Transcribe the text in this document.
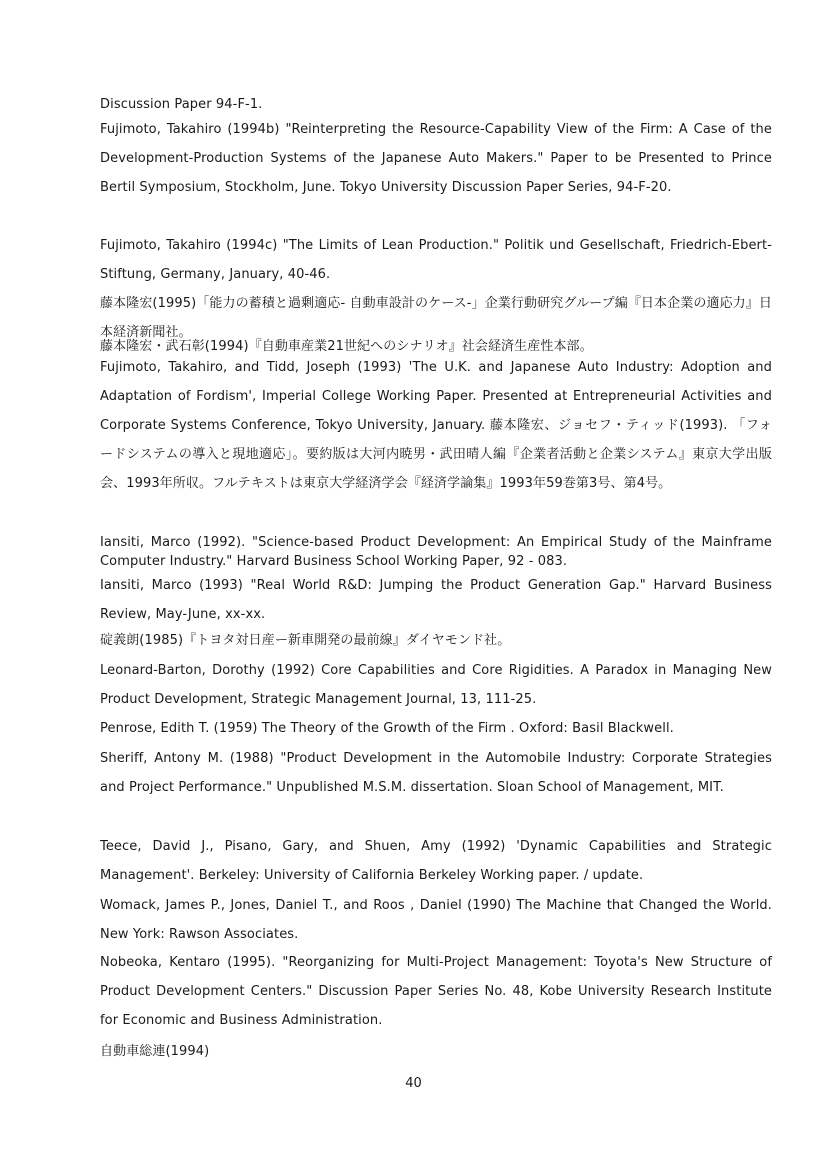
Discussion Paper 94-F-1.

Fujimoto, Takahiro (1994b) "Reinterpreting the Resource-Capability View of the Firm: A Case of the Development-Production Systems of the Japanese Auto Makers." Paper to be Presented to Prince Bertil Symposium, Stockholm, June. Tokyo University Discussion Paper Series, 94-F-20.

Fujimoto, Takahiro (1994c) "The Limits of Lean Production." Politik und Gesellschaft, Friedrich-Ebert-Stiftung, Germany, January, 40-46.

藤本隆宏(1995)「能力の蓄積と過剰適応- 自動車設計のケース-」企業行動研究グループ編『日本企業の適応力』日本経済新聞社。

藤本隆宏・武石彰(1994)『自動車産業21世紀へのシナリオ』社会経済生産性本部。

Fujimoto, Takahiro, and Tidd, Joseph (1993) 'The U.K. and Japanese Auto Industry: Adoption and Adaptation of Fordism', Imperial College Working Paper. Presented at Entrepreneurial Activities and Corporate Systems Conference, Tokyo University, January. 藤本隆宏、ジョセフ・ティッド(1993). 「フォードシステムの導入と現地適応」。要約版は大河内暁男・武田晴人編『企業者活動と企業システム』東京大学出版会、1993年所収。フルテキストは東京大学経済学会『経済学論集』1993年59巻第3号、第4号。

Iansiti, Marco (1992). "Science-based Product Development: An Empirical Study of the Mainframe Computer Industry." Harvard Business School Working Paper, 92 - 083.

Iansiti, Marco (1993) "Real World R&D: Jumping the Product Generation Gap." Harvard Business Review, May-June, xx-xx.

碇義朗(1985)『トヨタ対日産ー新車開発の最前線』ダイヤモンド社。

Leonard-Barton, Dorothy (1992) Core Capabilities and Core Rigidities. A Paradox in Managing New Product Development, Strategic Management Journal, 13, 111-25.

Penrose, Edith T. (1959) The Theory of the Growth of the Firm . Oxford: Basil Blackwell.

Sheriff, Antony M. (1988) "Product Development in the Automobile Industry: Corporate Strategies and Project Performance." Unpublished M.S.M. dissertation. Sloan School of Management, MIT.

Teece, David J., Pisano, Gary, and Shuen, Amy (1992) 'Dynamic Capabilities and Strategic Management'. Berkeley: University of California Berkeley Working paper. / update.

Womack, James P., Jones, Daniel T., and Roos , Daniel (1990) The Machine that Changed the World. New York: Rawson Associates.

Nobeoka, Kentaro (1995). "Reorganizing for Multi-Project Management: Toyota's New Structure of Product Development Centers." Discussion Paper Series No. 48, Kobe University Research Institute for Economic and Business Administration.

自動車総連(1994)

40
